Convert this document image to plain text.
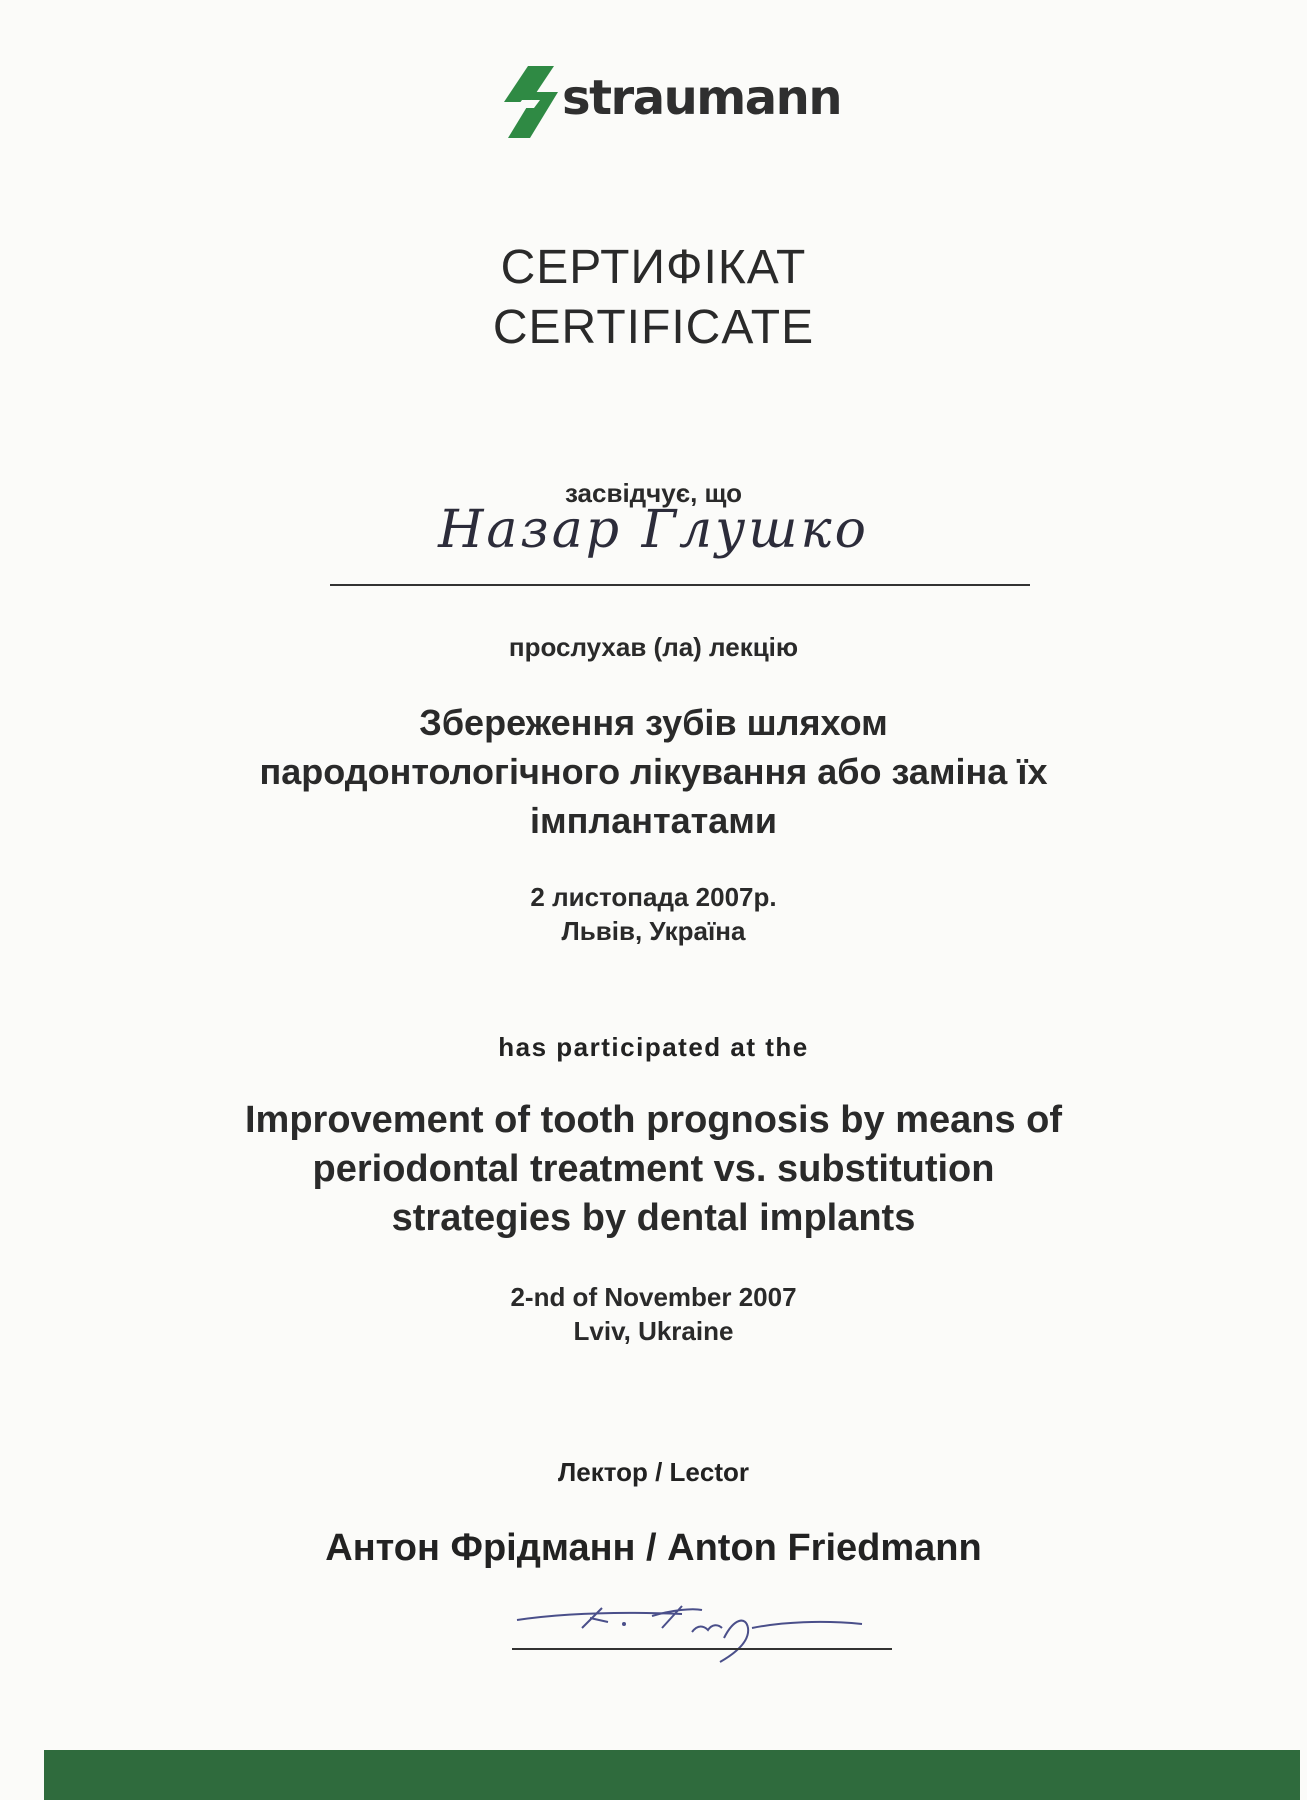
straumann
СЕРТИФІКАТ
CERTIFICATE
засвідчує, що
Назар Глушко
прослухав (ла) лекцію
Збереження зубів шляхом
пародонтологічного лікування або заміна їх
імплантатами
2 листопада 2007р.
Львів, Україна
has participated at the
Improvement of tooth prognosis by means of
periodontal treatment vs. substitution
strategies by dental implants
2-nd of November 2007
Lviv, Ukraine
Лектор / Lector
Антон Фрідманн / Anton Friedmann
